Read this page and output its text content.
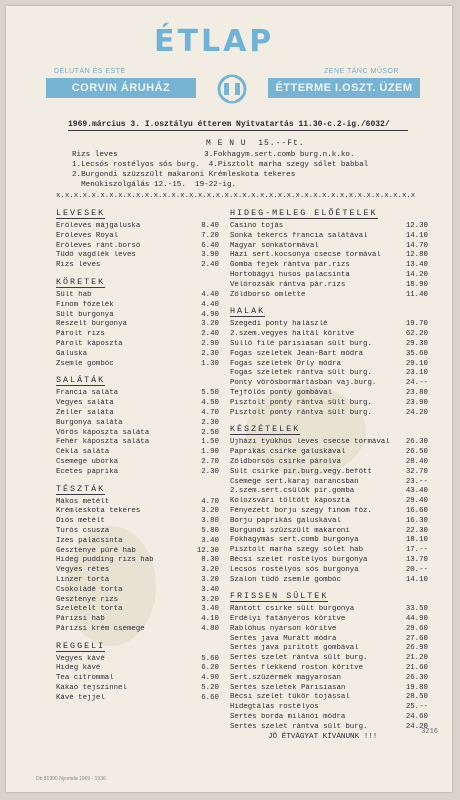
ÉTLAP
DÉLUTÁN ÉS ESTE	ZENE TÁNC MŰSOR
CORVIN ÁRUHÁZ	ÉTTERME I.OSZT. ÜZEM
1969.március 3. I.osztályu étterem Nyitvatartás 11.30-c.2-ig./6032/
M E N U  15.--Ft.
Rizs leves                   3.Fokhagym.sert.comb burg.n.k.ko.
1.Lecsós rostélyos sós burg.  4.Pisztolt marha szegy sólet babbal
2.Burgondi szüzszült makaroni Krémleskota tekeres
Menükiszolgálás 12.-15.  19-22-ig.
x.x.x.x.x.x.x.x.x.x.x.x.x.x.x.x.x.x.x.x.x.x.x.x.x.x.x.x.x.x.x.x.x.x.x.x.x.x.x.x.x
LEVESEK
Erőleves májgaluska	8.40
Erőleves Royal	7.20
Erőleves ránt.borsó	6.40
Tüdő vagdlék leves	3.90
Rizs leves	2.40
KÖRETEK
Sült hab	4.40
Finom főzelék	4.40
Sült burgonya	4.90
Reszelt burgonya	3.20
Párolt rizs	2.40
Párolt káposzta	2.90
Galuska	2.30
Zsemle gombóc	1.30
SALÁTÁK
Francia saláta	5.50
Vegyes saláta	4.50
Zeller saláta	4.70
Burgonya saláta	2.30
Vörös káposzta saláta	2.50
Fehér káposzta saláta	1.50
Cékla saláta	1.90
Csemege uborka	2.70
Ecetes paprika	2.30
TÉSZTÁK
Mákos metélt	4.70
Krémleskota tekeres	3.20
Diós metélt	3.80
Turós csusza	5.80
Izes palacsinta	3.40
Gesztenye püré hab	12.30
Hideg pudding rizs hab	8.30
Vegyes rétes	3.20
Linzer torta	3.20
Csokoládé torta	3.40
Gesztenye rizs	3.20
Szeletelt torta	3.40
Párizsi hab	4.10
Párizsi krém csemege	4.80
REGGELI
Vegyes kávé	5.60
Hideg kávé	6.20
Tea citrommal	4.90
Kakaó tejszínnel	5.20
Kávé tejjel	6.60
HIDEG-MELEG ELŐÉTELEK
Casino tojás	12.30
Sonka tekercs francia salátával	14.10
Magyar sonkatormával	14.70
Házi sert.kocsonya csecse tormával	12.80
Gomba fejek rántva pár.rizs	13.40
Hortobágyi husos palacsinta	14.20
Velőrozsák rántva pár.rizs	18.90
Zöldborsó omlette	11.40
HALAK
Szegedi ponty halászlé	19.70
2.szem.vegyes haltál köritve	62.20
Süllő filé párisiasan sült burg.	29.30
Fogas szeletek Jean-Bart módra	35.60
Fogas szeletek Orly módra	29.10
Fogas szeletek rántva sült burg.	23.10
Ponty vörösbormártásban vaj.burg.	24.--
Tejfölös ponty gombával	23.80
Pisztolt ponty rántva sült burg.	23.90
Pisztolt ponty rántva sült burg.	24.20
KÉSZÉTELEK
Ujházi tyúkhús leves csecse tormával 26.30
Paprikás csirke galuskával	26.50
Zöldborsós csirke párolva	28.40
Sült csirke pir.burg.vegy.befőtt	32.70
Csemege sert.karaj narancsban	23.--
2.szem.sert.csülök pir.gomba	43.40
Kolozsvári töltött káposzta	29.40
Fényezett borju szegy finom főz.	16.60
Borju paprikás galuskával	16.30
Burgundi szüzszült makaroni	22.30
Fokhagymás sert.comb burgonya	18.10
Pisztolt marha szegy sólet hab	17.--
Bécsi szelet rostélyos burgonya	13.70
Lecsós rostélyos sós burgonya	20.--
Szalon tüdő zsemle gombóc	14.10
FRISSEN SÜLTEK
Rántott csirke sült burgonya	33.50
Erdélyi fatányéros köritve	44.90
Rablóhus nyárson köritve	29.60
Sertés java Murátt módra	27.60
Sertés java pirított gombával	26.90
Sertés szelet rántva sült burg.	21.20
Sertés flekkend roston köritve	21.60
Sert.szüzérmék magyarosan	26.30
Sertés szeletek Párisiasan	19.80
Bécsi szelet tükör tojással	28.50
Hidegtálas rostélyos	25.--
Sertés borda milánói módra	24.60
Sertés szelet rántva sült burg.	24.20
JÓ ÉTVÁGYAT KÍVÁNUNK !!!
3216
Db 81990 Nyomda 1969 - 1936
